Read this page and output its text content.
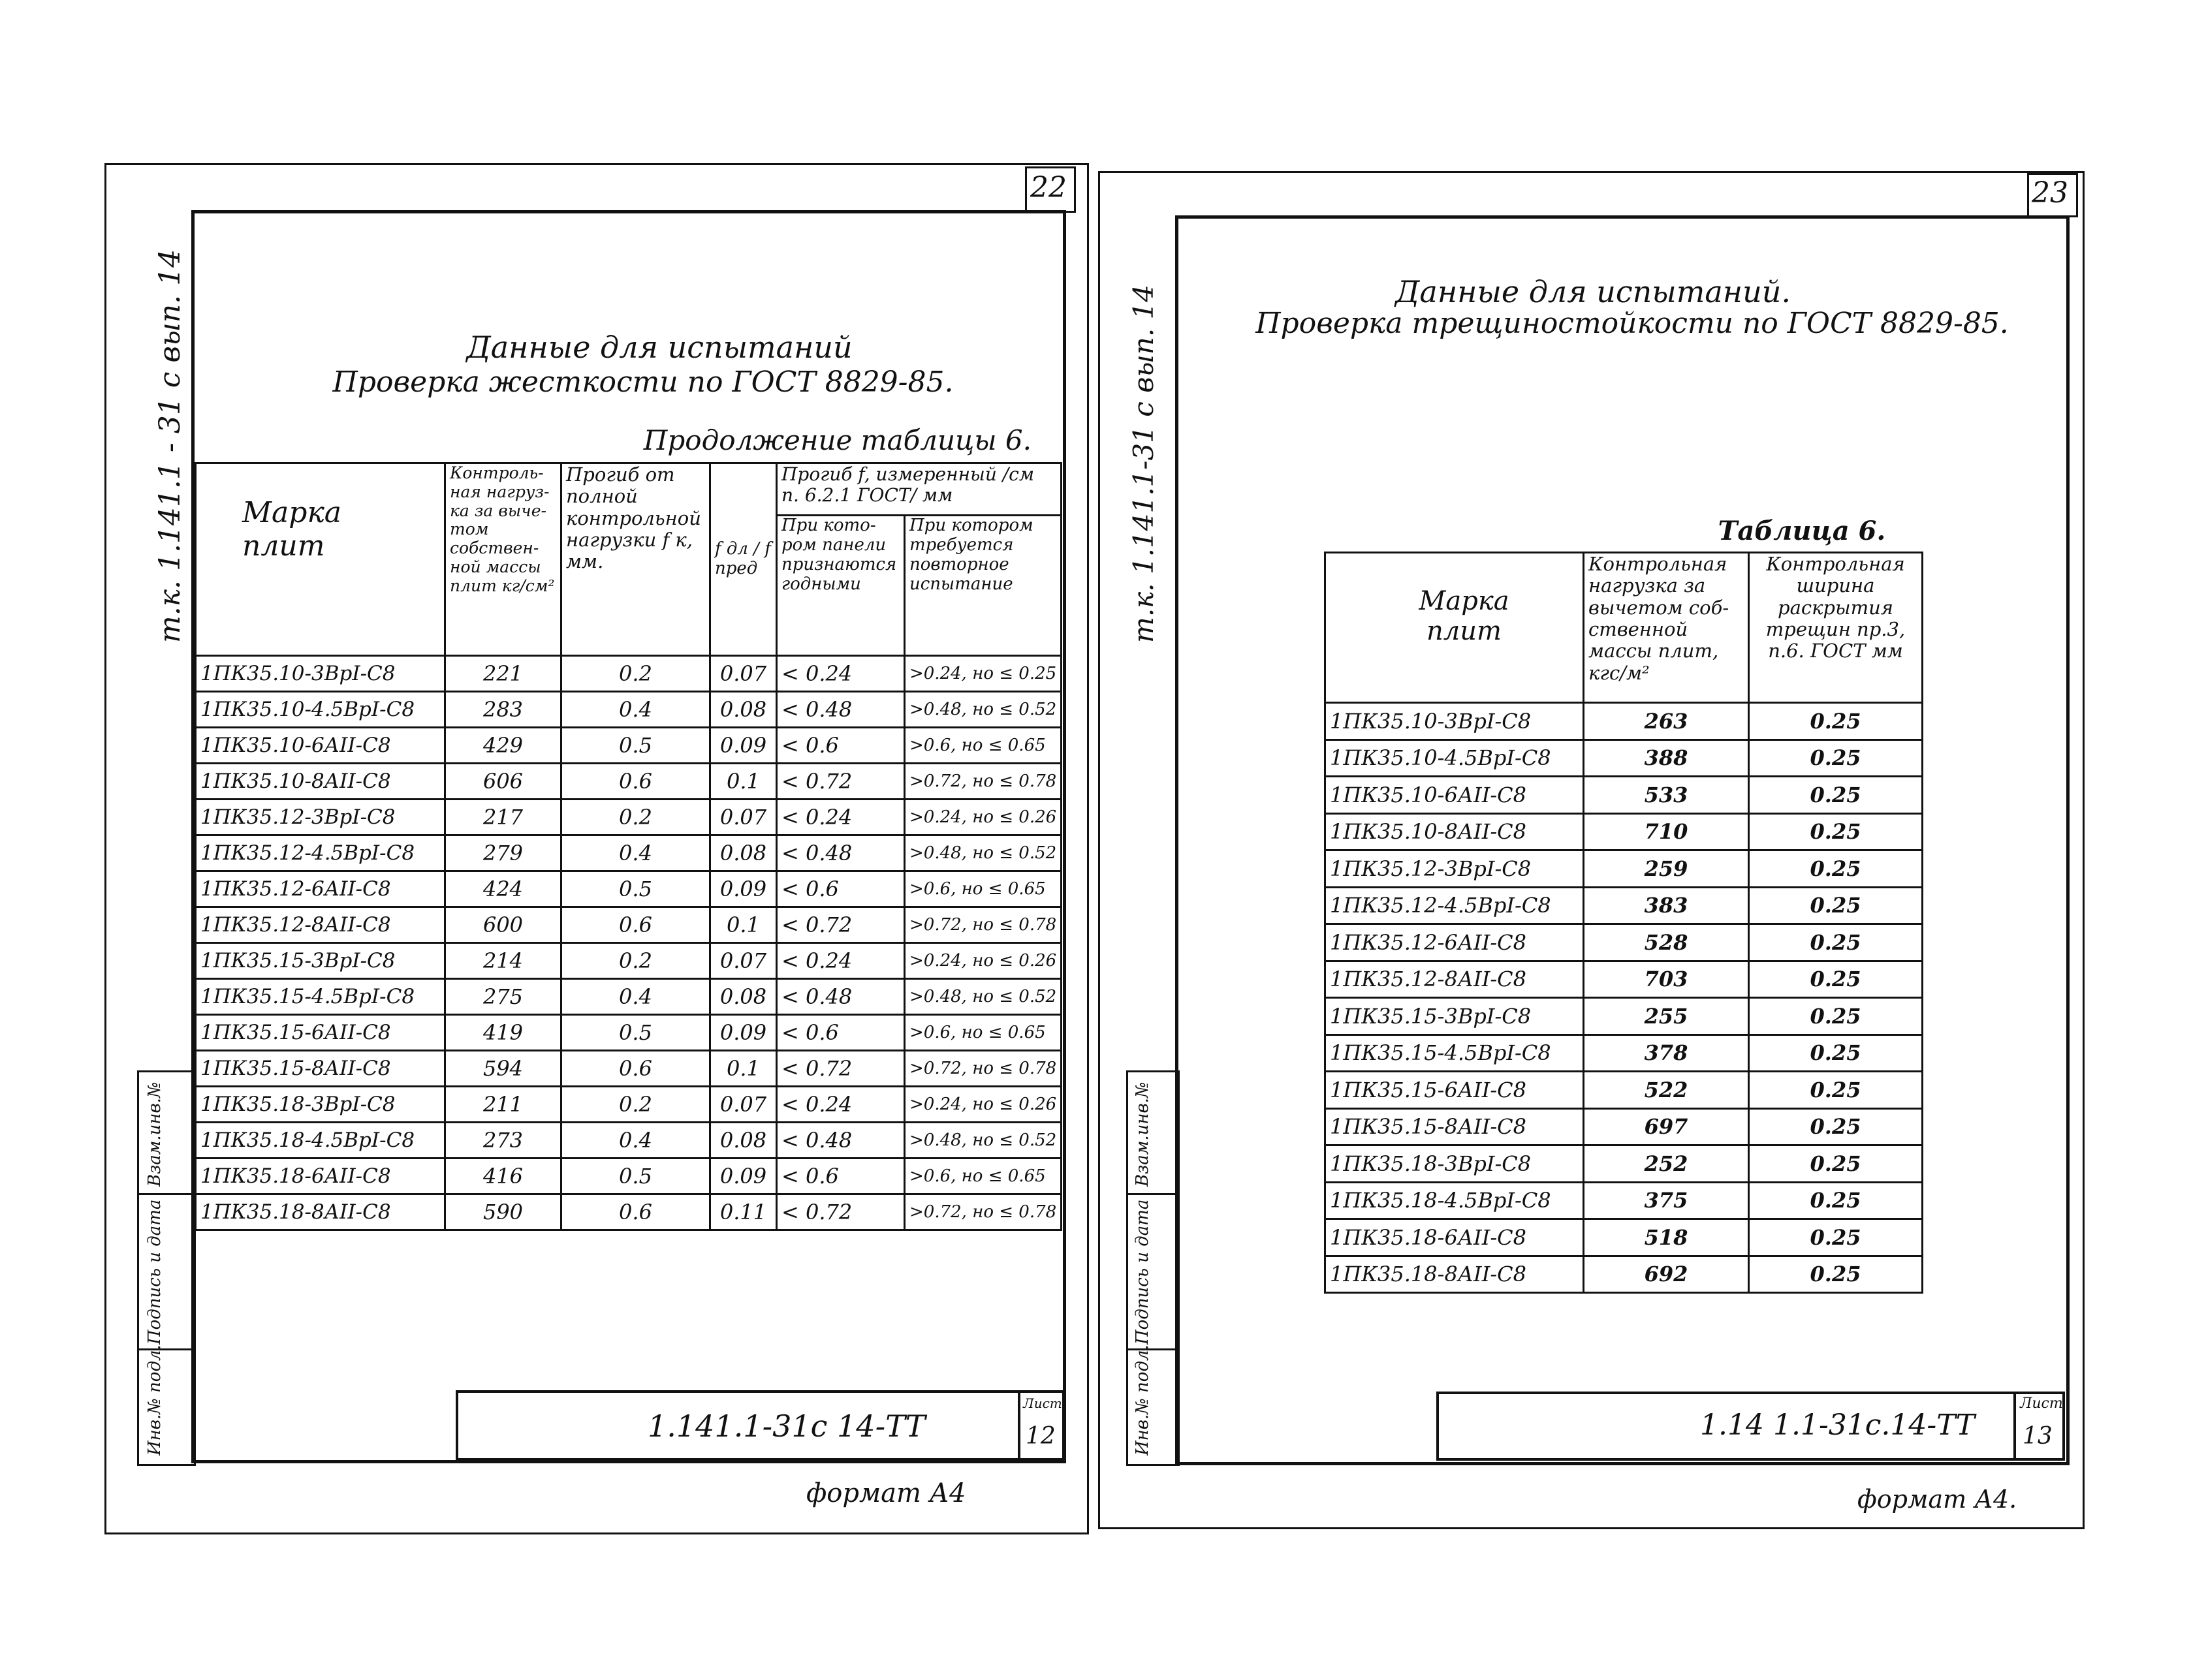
22
т.к. 1.141.1 - 31 с вып. 14
Взам.инв.№
Подпись и дата
Инв.№ подл.
Данные для испытаний
Проверка жесткости по ГОСТ 8829-85.
Продолжение таблицы 6.
Марка плит	Контроль-ная нагруз-ка за выче-том собствен-ной массы плит кг/см²	Прогиб от полной контрольной нагрузки f к, мм.	f дл / f пред	Прогиб f, измеренный /см п. 6.2.1 ГОСТ/ мм	
				При кото-ром панели признаются годными	При котором требуется повторное испытание
1ПК35.10-3ВрI-С8	221	0.2	0.07	< 0.24	>0.24, но ≤ 0.25
1ПК35.10-4.5ВрI-С8	283	0.4	0.08	< 0.48	>0.48, но ≤ 0.52
1ПК35.10-6АII-С8	429	0.5	0.09	< 0.6	>0.6, но ≤ 0.65
1ПК35.10-8АII-С8	606	0.6	0.1	< 0.72	>0.72, но ≤ 0.78
1ПК35.12-3ВрI-С8	217	0.2	0.07	< 0.24	>0.24, но ≤ 0.26
1ПК35.12-4.5ВрI-С8	279	0.4	0.08	< 0.48	>0.48, но ≤ 0.52
1ПК35.12-6АII-С8	424	0.5	0.09	< 0.6	>0.6, но ≤ 0.65
1ПК35.12-8АII-С8	600	0.6	0.1	< 0.72	>0.72, но ≤ 0.78
1ПК35.15-3ВрI-С8	214	0.2	0.07	< 0.24	>0.24, но ≤ 0.26
1ПК35.15-4.5ВрI-С8	275	0.4	0.08	< 0.48	>0.48, но ≤ 0.52
1ПК35.15-6АII-С8	419	0.5	0.09	< 0.6	>0.6, но ≤ 0.65
1ПК35.15-8АII-С8	594	0.6	0.1	< 0.72	>0.72, но ≤ 0.78
1ПК35.18-3ВрI-С8	211	0.2	0.07	< 0.24	>0.24, но ≤ 0.26
1ПК35.18-4.5ВрI-С8	273	0.4	0.08	< 0.48	>0.48, но ≤ 0.52
1ПК35.18-6АII-С8	416	0.5	0.09	< 0.6	>0.6, но ≤ 0.65
1ПК35.18-8АII-С8	590	0.6	0.11	< 0.72	>0.72, но ≤ 0.78

1.141.1-31с 14-ТТ
Лист
12
формат А4
23
т.к. 1.141.1-31 с вып. 14
Взам.инв.№
Подпись и дата
Инв.№ подл.
Данные для испытаний.
Проверка трещиностойкости по ГОСТ 8829-85.
Таблица 6.
Марка плит	Контрольная нагрузка за вычетом соб-ственной массы плит, кгс/м²	Контрольная ширина раскрытия трещин пр.3, п.6. ГОСТ мм
1ПК35.10-3ВрI-С8	263	0.25
1ПК35.10-4.5ВрI-С8	388	0.25
1ПК35.10-6АII-С8	533	0.25
1ПК35.10-8АII-С8	710	0.25
1ПК35.12-3ВрI-С8	259	0.25
1ПК35.12-4.5ВрI-С8	383	0.25
1ПК35.12-6АII-С8	528	0.25
1ПК35.12-8АII-С8	703	0.25
1ПК35.15-3ВрI-С8	255	0.25
1ПК35.15-4.5ВрI-С8	378	0.25
1ПК35.15-6АII-С8	522	0.25
1ПК35.15-8АII-С8	697	0.25
1ПК35.18-3ВрI-С8	252	0.25
1ПК35.18-4.5ВрI-С8	375	0.25
1ПК35.18-6АII-С8	518	0.25
1ПК35.18-8АII-С8	692	0.25
1.14 1.1-31с.14-ТТ
Лист
13
формат А4.
